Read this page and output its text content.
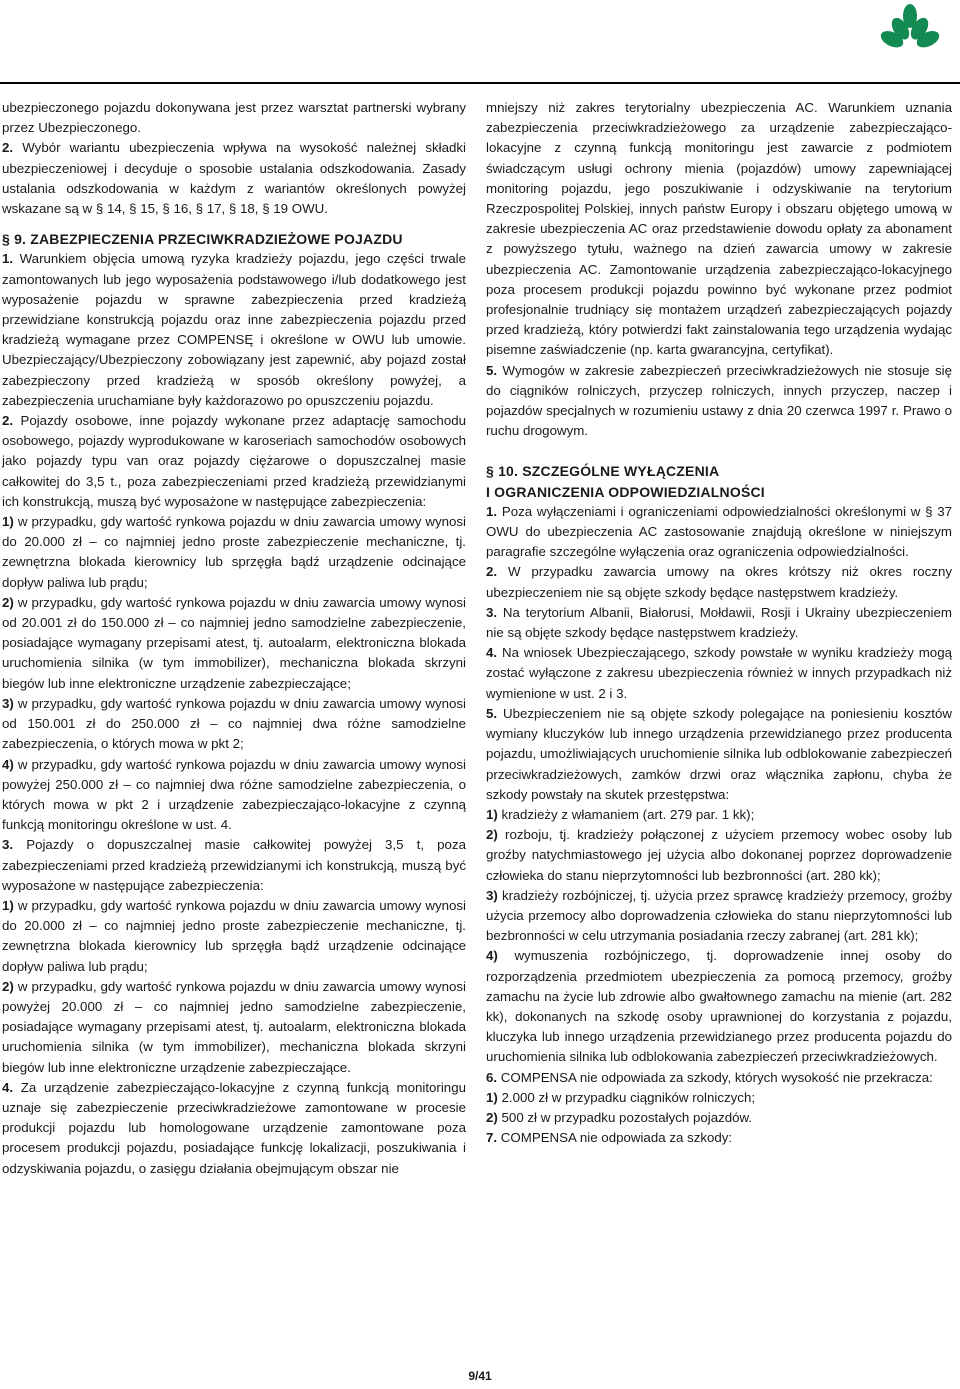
ubezpieczonego pojazdu dokonywana jest przez warsztat partnerski wybrany przez Ubezpieczonego.

2. Wybór wariantu ubezpieczenia wpływa na wysokość należnej składki ubezpieczeniowej i decyduje o sposobie ustalania odszkodowania. Zasady ustalania odszkodowania w każdym z wariantów określonych powyżej wskazane są w § 14, § 15, § 16, § 17, § 18, § 19 OWU.

§ 9. ZABEZPIECZENIA PRZECIWKRADZIEŻOWE POJAZDU

1. Warunkiem objęcia umową ryzyka kradzieży pojazdu, jego części trwale zamontowanych lub jego wyposażenia podstawowego i/lub dodatkowego jest wyposażenie pojazdu w sprawne zabezpieczenia przed kradzieżą przewidziane konstrukcją pojazdu oraz inne zabezpieczenia pojazdu przed kradzieżą wymagane przez COMPENSĘ i określone w OWU lub umowie. Ubezpieczający/Ubezpieczony zobowiązany jest zapewnić, aby pojazd został zabezpieczony przed kradzieżą w sposób określony powyżej, a zabezpieczenia uruchamiane były każdorazowo po opuszczeniu pojazdu.

2. Pojazdy osobowe, inne pojazdy wykonane przez adaptację samochodu osobowego, pojazdy wyprodukowane w karoseriach samochodów osobowych jako pojazdy typu van oraz pojazdy ciężarowe o dopuszczalnej masie całkowitej do 3,5 t., poza zabezpieczeniami przed kradzieżą przewidzianymi ich konstrukcją, muszą być wyposażone w następujące zabezpieczenia:

1) w przypadku, gdy wartość rynkowa pojazdu w dniu zawarcia umowy wynosi do 20.000 zł – co najmniej jedno proste zabezpieczenie mechaniczne, tj. zewnętrzna blokada kierownicy lub sprzęgła bądź urządzenie odcinające dopływ paliwa lub prądu;

2) w przypadku, gdy wartość rynkowa pojazdu w dniu zawarcia umowy wynosi od 20.001 zł do 150.000 zł – co najmniej jedno samodzielne zabezpieczenie, posiadające wymagany przepisami atest, tj. autoalarm, elektroniczna blokada uruchomienia silnika (w tym immobilizer), mechaniczna blokada skrzyni biegów lub inne elektroniczne urządzenie zabezpieczające;

3) w przypadku, gdy wartość rynkowa pojazdu w dniu zawarcia umowy wynosi od 150.001 zł do 250.000 zł – co najmniej dwa różne samodzielne zabezpieczenia, o których mowa w pkt 2;

4) w przypadku, gdy wartość rynkowa pojazdu w dniu zawarcia umowy wynosi powyżej 250.000 zł – co najmniej dwa różne samodzielne zabezpieczenia, o których mowa w pkt 2 i urządzenie zabezpieczająco-lokacyjne z czynną funkcją monitoringu określone w ust. 4.

3. Pojazdy o dopuszczalnej masie całkowitej powyżej 3,5 t, poza zabezpieczeniami przed kradzieżą przewidzianymi ich konstrukcją, muszą być wyposażone w następujące zabezpieczenia:

1) w przypadku, gdy wartość rynkowa pojazdu w dniu zawarcia umowy wynosi do 20.000 zł – co najmniej jedno proste zabezpieczenie mechaniczne, tj. zewnętrzna blokada kierownicy lub sprzęgła bądź urządzenie odcinające dopływ paliwa lub prądu;

2) w przypadku, gdy wartość rynkowa pojazdu w dniu zawarcia umowy wynosi powyżej 20.000 zł – co najmniej jedno samodzielne zabezpieczenie, posiadające wymagany przepisami atest, tj. autoalarm, elektroniczna blokada uruchomienia silnika (w tym immobilizer), mechaniczna blokada skrzyni biegów lub inne elektroniczne urządzenie zabezpieczające.

4. Za urządzenie zabezpieczająco-lokacyjne z czynną funkcją monitoringu uznaje się zabezpieczenie przeciwkradzieżowe zamontowane w procesie produkcji pojazdu lub homologowane urządzenie zamontowane poza procesem produkcji pojazdu, posiadające funkcję lokalizacji, poszukiwania i odzyskiwania pojazdu, o zasięgu działania obejmującym obszar nie

mniejszy niż zakres terytorialny ubezpieczenia AC. Warunkiem uznania zabezpieczenia przeciwkradzieżowego za urządzenie zabezpieczająco-lokacyjne z czynną funkcją monitoringu jest zawarcie z podmiotem świadczącym usługi ochrony mienia (pojazdów) umowy zapewniającej monitoring pojazdu, jego poszukiwanie i odzyskiwanie na terytorium Rzeczpospolitej Polskiej, innych państw Europy i obszaru objętego umową w zakresie ubezpieczenia AC oraz przedstawienie dowodu opłaty za abonament z powyższego tytułu, ważnego na dzień zawarcia umowy w zakresie ubezpieczenia AC. Zamontowanie urządzenia zabezpieczająco-lokacyjnego poza procesem produkcji pojazdu powinno być wykonane przez podmiot profesjonalnie trudniący się montażem urządzeń zabezpieczających pojazdy przed kradzieżą, który potwierdzi fakt zainstalowania tego urządzenia wydając pisemne zaświadczenie (np. karta gwarancyjna, certyfikat).

5. Wymogów w zakresie zabezpieczeń przeciwkradzieżowych nie stosuje się do ciągników rolniczych, przyczep rolniczych, innych przyczep, naczep i pojazdów specjalnych w rozumieniu ustawy z dnia 20 czerwca 1997 r. Prawo o ruchu drogowym.

§ 10. SZCZEGÓLNE WYŁĄCZENIA

I OGRANICZENIA ODPOWIEDZIALNOŚCI

1. Poza wyłączeniami i ograniczeniami odpowiedzialności określonymi w § 37 OWU do ubezpieczenia AC zastosowanie znajdują określone w niniejszym paragrafie szczególne wyłączenia oraz ograniczenia odpowiedzialności.

2. W przypadku zawarcia umowy na okres krótszy niż okres roczny ubezpieczeniem nie są objęte szkody będące następstwem kradzieży.

3. Na terytorium Albanii, Białorusi, Mołdawii, Rosji i Ukrainy ubezpieczeniem nie są objęte szkody będące następstwem kradzieży.

4. Na wniosek Ubezpieczającego, szkody powstałe w wyniku kradzieży mogą zostać wyłączone z zakresu ubezpieczenia również w innych przypadkach niż wymienione w ust. 2 i 3.

5. Ubezpieczeniem nie są objęte szkody polegające na poniesieniu kosztów wymiany kluczyków lub innego urządzenia przewidzianego przez producenta pojazdu, umożliwiających uruchomienie silnika lub odblokowanie zabezpieczeń przeciwkradzieżowych, zamków drzwi oraz włącznika zapłonu, chyba że szkody powstały na skutek przestępstwa:

1) kradzieży z włamaniem (art. 279 par. 1 kk);

2) rozboju, tj. kradzieży połączonej z użyciem przemocy wobec osoby lub groźby natychmiastowego jej użycia albo dokonanej poprzez doprowadzenie człowieka do stanu nieprzytomności lub bezbronności (art. 280 kk);

3) kradzieży rozbójniczej, tj. użycia przez sprawcę kradzieży przemocy, groźby użycia przemocy albo doprowadzenia człowieka do stanu nieprzytomności lub bezbronności w celu utrzymania posiadania rzeczy zabranej (art. 281 kk);

4) wymuszenia rozbójniczego, tj. doprowadzenie innej osoby do rozporządzenia przedmiotem ubezpieczenia za pomocą przemocy, groźby zamachu na życie lub zdrowie albo gwałtownego zamachu na mienie (art. 282 kk), dokonanych na szkodę osoby uprawnionej do korzystania z pojazdu, kluczyka lub innego urządzenia przewidzianego przez producenta pojazdu do uruchomienia silnika lub odblokowania zabezpieczeń przeciwkradzieżowych.

6. COMPENSA nie odpowiada za szkody, których wysokość nie przekracza:

1) 2.000 zł w przypadku ciągników rolniczych;

2) 500 zł w przypadku pozostałych pojazdów.

7. COMPENSA nie odpowiada za szkody:

9/41
